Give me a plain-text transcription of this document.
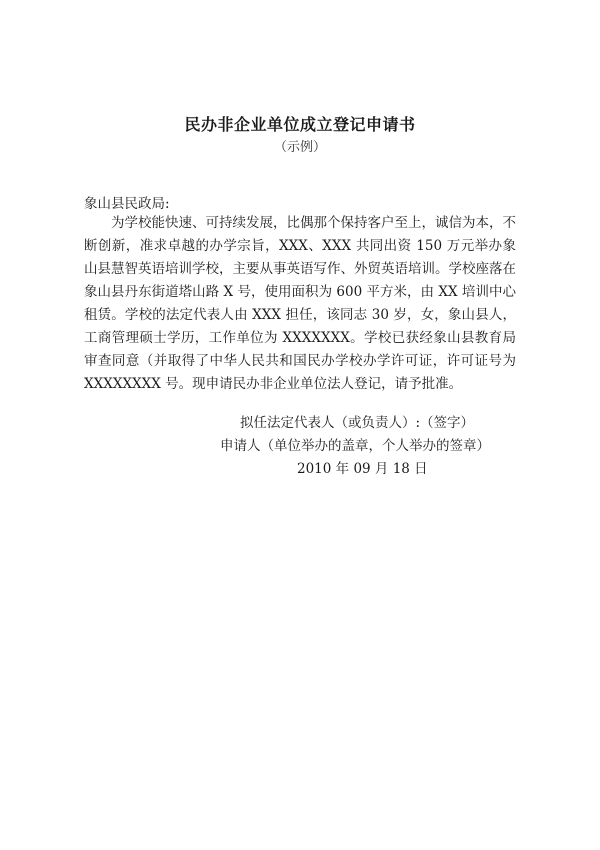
民办非企业单位成立登记申请书
（示例）
象山县民政局:
为学校能快速、可持续发展，比偶那个保持客户至上，诚信为本，不断创新，准求卓越的办学宗旨，XXX、XXX 共同出资 150 万元举办象山县慧智英语培训学校，主要从事英语写作、外贸英语培训。学校座落在象山县丹东街道塔山路 X 号，使用面积为 600 平方米，由 XX 培训中心租赁。学校的法定代表人由 XXX 担任，该同志 30 岁，女，象山县人，工商管理硕士学历，工作单位为 XXXXXXX。学校已获经象山县教育局审查同意（并取得了中华人民共和国民办学校办学许可证，许可证号为 XXXXXXXX 号。现申请民办非企业单位法人登记，请予批准。
拟任法定代表人（或负责人）:（签字）
申请人（单位举办的盖章，个人举办的签章）
2010 年 09 月 18 日
